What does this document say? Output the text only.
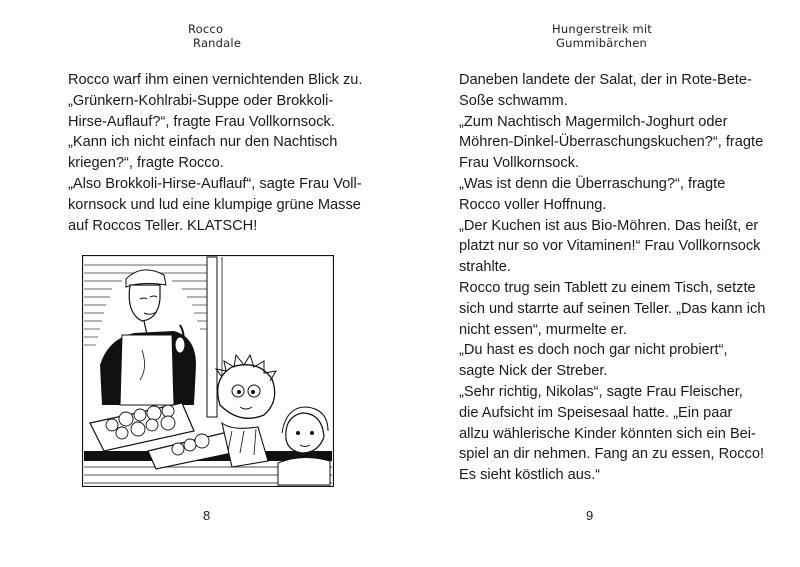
Rocco
Randale

Rocco warf ihm einen vernichtenden Blick zu.

„Grünkern-Kohlrabi-Suppe oder Brokkoli-

Hirse-Auflauf?“, fragte Frau Vollkornsock.

„Kann ich nicht einfach nur den Nachtisch

kriegen?“, fragte Rocco.

„Also Brokkoli-Hirse-Auflauf“, sagte Frau Voll-

kornsock und lud eine klumpige grüne Masse

auf Roccos Teller. KLATSCH!

8
Hungerstreik mit
Gummibärchen

Daneben landete der Salat, der in Rote-Bete-

Soße schwamm.

„Zum Nachtisch Magermilch-Joghurt oder

Möhren-Dinkel-Überraschungskuchen?“, fragte

Frau Vollkornsock.

„Was ist denn die Überraschung?“, fragte

Rocco voller Hoffnung.

„Der Kuchen ist aus Bio-Möhren. Das heißt, er

platzt nur so vor Vitaminen!“ Frau Vollkornsock

strahlte.

Rocco trug sein Tablett zu einem Tisch, setzte

sich und starrte auf seinen Teller. „Das kann ich

nicht essen“, murmelte er.

„Du hast es doch noch gar nicht probiert“,

sagte Nick der Streber.

„Sehr richtig, Nikolas“, sagte Frau Fleischer,

die Aufsicht im Speisesaal hatte. „Ein paar

allzu wählerische Kinder könnten sich ein Bei-

spiel an dir nehmen. Fang an zu essen, Rocco!

Es sieht köstlich aus.“

9
